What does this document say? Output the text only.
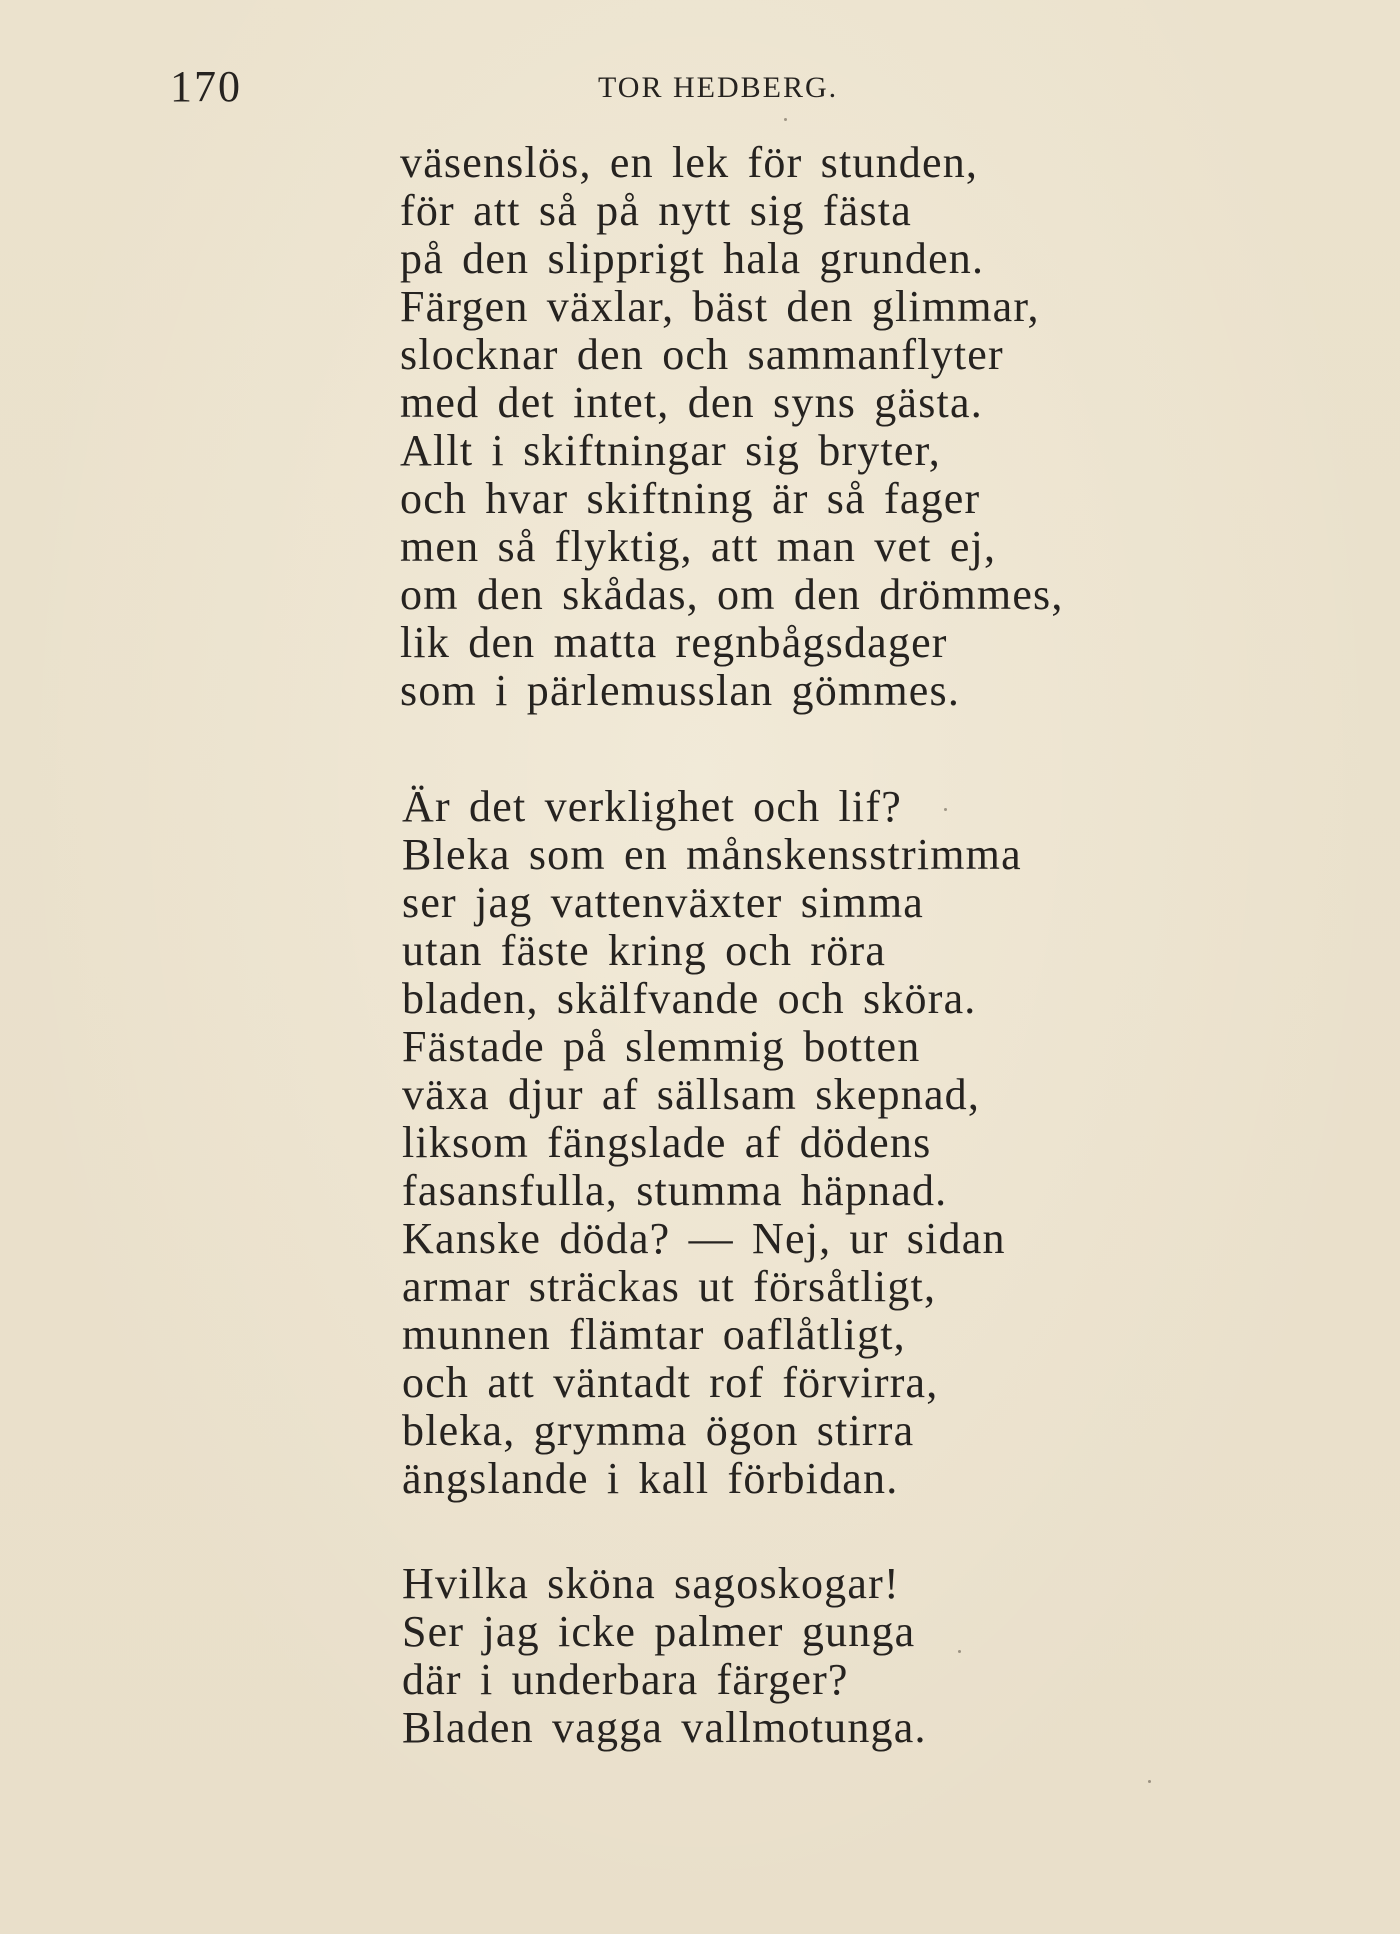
170	TOR HEDBERG.
väsenslös, en lek för stunden,
för att så på nytt sig fästa
på den slipprigt hala grunden.
Färgen växlar, bäst den glimmar,
slocknar den och sammanflyter
med det intet, den syns gästa.
Allt i skiftningar sig bryter,
och hvar skiftning är så fager
men så flyktig, att man vet ej,
om den skådas, om den drömmes,
lik den matta regnbågsdager
som i pärlemusslan gömmes.
Är det verklighet och lif?
Bleka som en månskensstrimma
ser jag vattenväxter simma
utan fäste kring och röra
bladen, skälfvande och sköra.
Fästade på slemmig botten
växa djur af sällsam skepnad,
liksom fängslade af dödens
fasansfulla, stumma häpnad.
Kanske döda? — Nej, ur sidan
armar sträckas ut försåtligt,
munnen flämtar oaflåtligt,
och att väntadt rof förvirra,
bleka, grymma ögon stirra
ängslande i kall förbidan.
Hvilka sköna sagoskogar!
Ser jag icke palmer gunga
där i underbara färger?
Bladen vagga vallmotunga.
